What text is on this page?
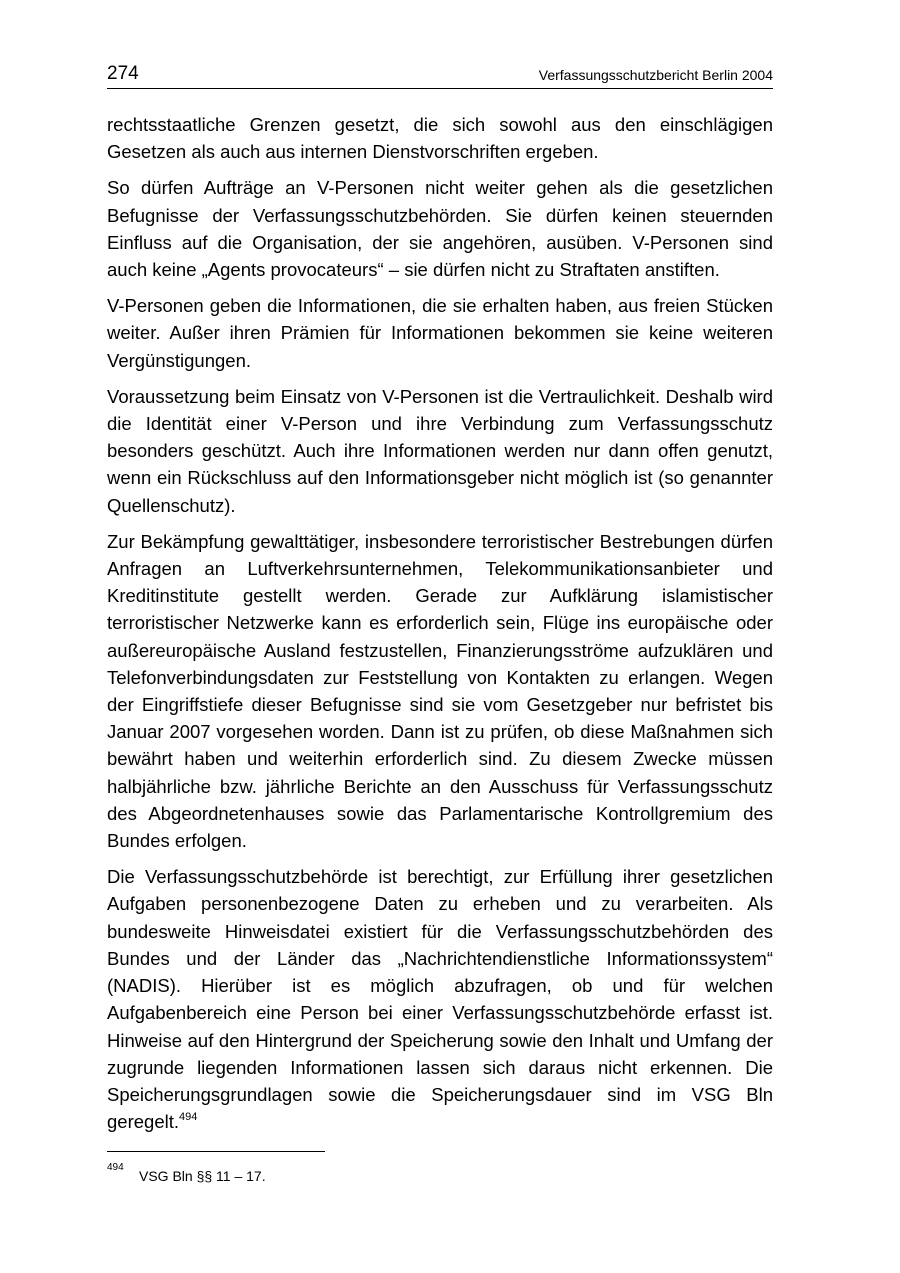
274	Verfassungsschutzbericht Berlin 2004

rechtsstaatliche Grenzen gesetzt, die sich sowohl aus den einschlägigen Gesetzen als auch aus internen Dienstvorschriften ergeben.

So dürfen Aufträge an V-Personen nicht weiter gehen als die gesetzlichen Befugnisse der Verfassungsschutzbehörden. Sie dürfen keinen steuernden Einfluss auf die Organisation, der sie angehören, ausüben. V-Personen sind auch keine „Agents provocateurs“ – sie dürfen nicht zu Straftaten anstiften.

V-Personen geben die Informationen, die sie erhalten haben, aus freien Stücken weiter. Außer ihren Prämien für Informationen bekommen sie keine weiteren Vergünstigungen.

Voraussetzung beim Einsatz von V-Personen ist die Vertraulichkeit. Deshalb wird die Identität einer V-Person und ihre Verbindung zum Verfassungsschutz besonders geschützt. Auch ihre Informationen werden nur dann offen genutzt, wenn ein Rückschluss auf den Informationsgeber nicht möglich ist (so genannter Quellenschutz).

Zur Bekämpfung gewalttätiger, insbesondere terroristischer Bestrebungen dürfen Anfragen an Luftverkehrsunternehmen, Telekommunikationsanbieter und Kreditinstitute gestellt werden. Gerade zur Aufklärung islamistischer terroristischer Netzwerke kann es erforderlich sein, Flüge ins europäische oder außereuropäische Ausland festzustellen, Finanzierungsströme aufzuklären und Telefonverbindungsdaten zur Feststellung von Kontakten zu erlangen. Wegen der Eingriffstiefe dieser Befugnisse sind sie vom Gesetzgeber nur befristet bis Januar 2007 vorgesehen worden. Dann ist zu prüfen, ob diese Maßnahmen sich bewährt haben und weiterhin erforderlich sind. Zu diesem Zwecke müssen halbjährliche bzw. jährliche Berichte an den Ausschuss für Verfassungsschutz des Abgeordnetenhauses sowie das Parlamentarische Kontrollgremium des Bundes erfolgen.

Die Verfassungsschutzbehörde ist berechtigt, zur Erfüllung ihrer gesetzlichen Aufgaben personenbezogene Daten zu erheben und zu verarbeiten. Als bundesweite Hinweisdatei existiert für die Verfassungsschutzbehörden des Bundes und der Länder das „Nachrichtendienstliche Informationssystem“ (NADIS). Hierüber ist es möglich abzufragen, ob und für welchen Aufgabenbereich eine Person bei einer Verfassungsschutzbehörde erfasst ist. Hinweise auf den Hintergrund der Speicherung sowie den Inhalt und Umfang der zugrunde liegenden Informationen lassen sich daraus nicht erkennen. Die Speicherungsgrundlagen sowie die Speicherungsdauer sind im VSG Bln geregelt.$^{494}$

494
VSG Bln §§ 11 – 17.
